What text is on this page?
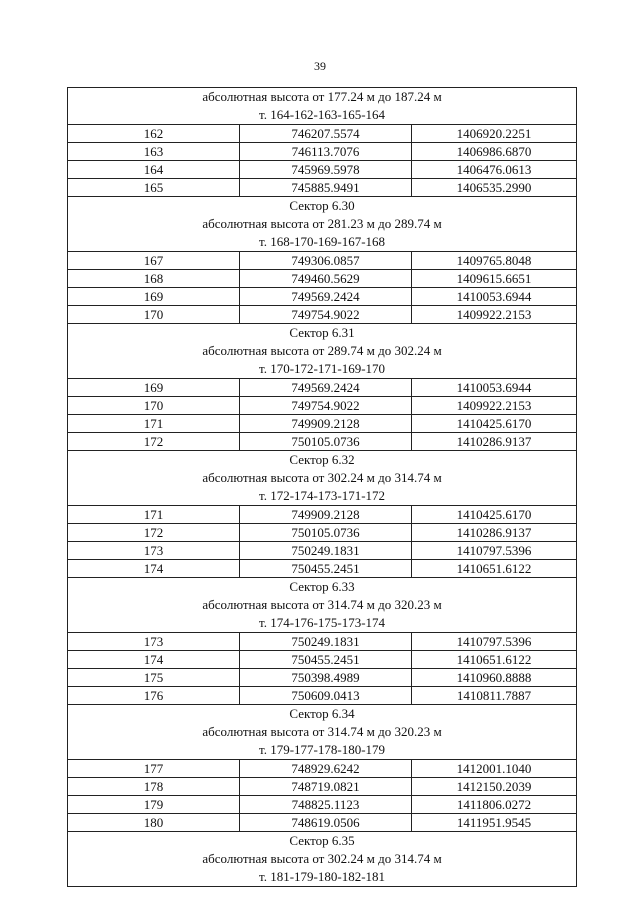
39
абсолютная высота от 177.24 м до 187.24 м		
т. 164-162-163-165-164		
162	746207.5574	1406920.2251
163	746113.7076	1406986.6870
164	745969.5978	1406476.0613
165	745885.9491	1406535.2990
Сектор 6.30		
абсолютная высота от 281.23 м до 289.74 м		
т. 168-170-169-167-168		
167	749306.0857	1409765.8048
168	749460.5629	1409615.6651
169	749569.2424	1410053.6944
170	749754.9022	1409922.2153
Сектор 6.31		
абсолютная высота от 289.74 м до 302.24 м		
т. 170-172-171-169-170		
169	749569.2424	1410053.6944
170	749754.9022	1409922.2153
171	749909.2128	1410425.6170
172	750105.0736	1410286.9137
Сектор 6.32		
абсолютная высота от 302.24 м до 314.74 м		
т. 172-174-173-171-172		
171	749909.2128	1410425.6170
172	750105.0736	1410286.9137
173	750249.1831	1410797.5396
174	750455.2451	1410651.6122
Сектор 6.33		
абсолютная высота от 314.74 м до 320.23 м		
т. 174-176-175-173-174		
173	750249.1831	1410797.5396
174	750455.2451	1410651.6122
175	750398.4989	1410960.8888
176	750609.0413	1410811.7887
Сектор 6.34		
абсолютная высота от 314.74 м до 320.23 м		
т. 179-177-178-180-179		
177	748929.6242	1412001.1040
178	748719.0821	1412150.2039
179	748825.1123	1411806.0272
180	748619.0506	1411951.9545
Сектор 6.35		
абсолютная высота от 302.24 м до 314.74 м		
т. 181-179-180-182-181		
